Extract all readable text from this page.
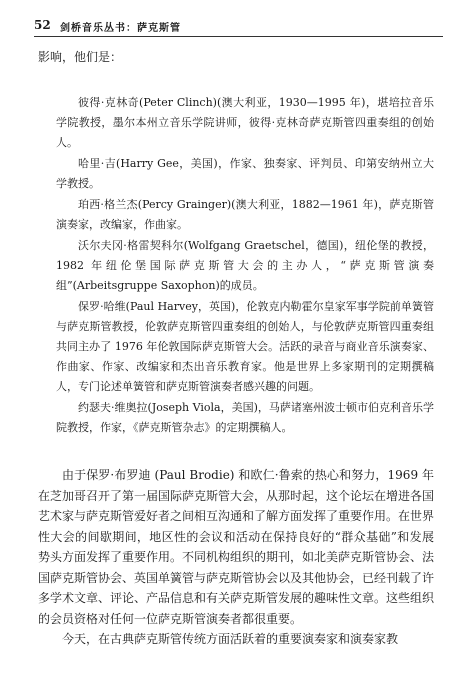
52 剑桥音乐丛书：萨克斯管

影响，他们是：

彼得·克林奇(Peter Clinch)(澳大利亚，1930—1995 年)，堪培拉音乐学院教授，墨尔本州立音乐学院讲师，彼得·克林奇萨克斯管四重奏组的创始人。

哈里·吉(Harry Gee，美国)，作家、独奏家、评判员、印第安纳州立大学教授。

珀西·格兰杰(Percy Grainger)(澳大利亚，1882—1961 年)，萨克斯管演奏家，改编家，作曲家。

沃尔夫冈·格雷契科尔(Wolfgang Graetschel，德国)，纽伦堡的教授，1982 年纽伦堡国际萨克斯管大会的主办人，“萨克斯管演奏组”(Arbeitsgruppe Saxophon)的成员。

保罗·哈维(Paul Harvey，英国)，伦敦克内勒霍尔皇家军事学院前单簧管与萨克斯管教授，伦敦萨克斯管四重奏组的创始人，与伦敦萨克斯管四重奏组共同主办了 1976 年伦敦国际萨克斯管大会。活跃的录音与商业音乐演奏家、作曲家、作家、改编家和杰出音乐教育家。他是世界上多家期刊的定期撰稿人，专门论述单簧管和萨克斯管演奏者感兴趣的问题。

约瑟夫·维奥拉(Joseph Viola，美国)，马萨诸塞州波士顿市伯克利音乐学院教授，作家，《萨克斯管杂志》的定期撰稿人。

由于保罗·布罗迪 (Paul Brodie) 和欧仁·鲁索的热心和努力，1969 年在芝加哥召开了第一届国际萨克斯管大会，从那时起，这个论坛在增进各国艺术家与萨克斯管爱好者之间相互沟通和了解方面发挥了重要作用。在世界性大会的间歇期间，地区性的会议和活动在保持良好的“群众基础”和发展势头方面发挥了重要作用。不同机构组织的期刊，如北美萨克斯管协会、法国萨克斯管协会、英国单簧管与萨克斯管协会以及其他协会，已经刊载了许多学术文章、评论、产品信息和有关萨克斯管发展的趣味性文章。这些组织的会员资格对任何一位萨克斯管演奏者都很重要。

今天，在古典萨克斯管传统方面活跃着的重要演奏家和演奏家教
